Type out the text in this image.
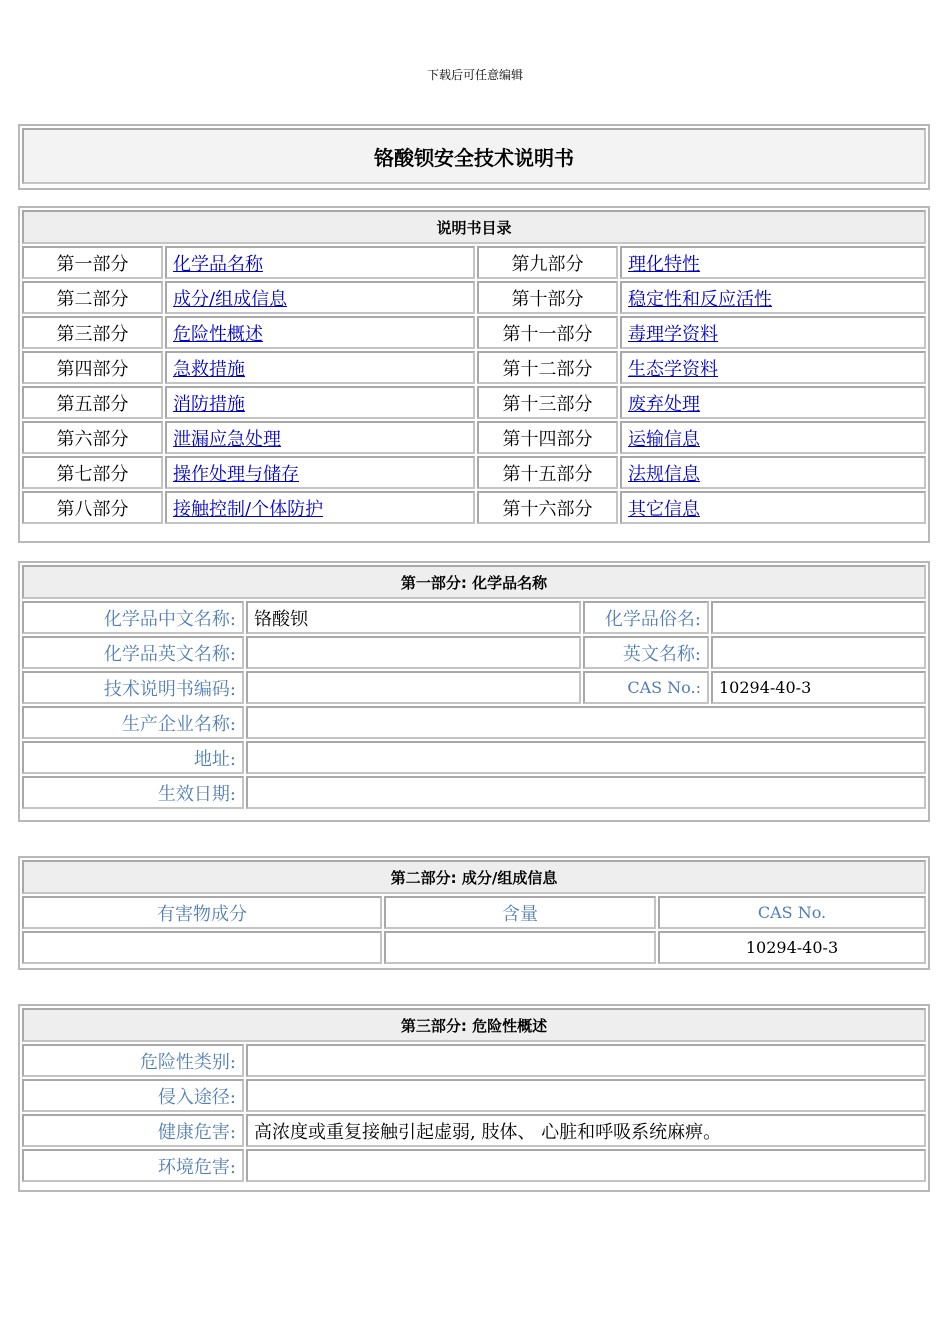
下载后可任意编辑
铬酸钡安全技术说明书
说明书目录			
第一部分	化学品名称	第九部分	理化特性
第二部分	成分/组成信息	第十部分	稳定性和反应活性
第三部分	危险性概述	第十一部分	毒理学资料
第四部分	急救措施	第十二部分	生态学资料
第五部分	消防措施	第十三部分	废弃处理
第六部分	泄漏应急处理	第十四部分	运输信息
第七部分	操作处理与储存	第十五部分	法规信息
第八部分	接触控制/个体防护	第十六部分	其它信息
第一部分: 化学品名称			
化学品中文名称:	铬酸钡	化学品俗名:	
化学品英文名称:		英文名称:	
技术说明书编码:		CAS No.:	10294-40-3
生产企业名称:			
地址:			
生效日期:			
第二部分: 成分/组成信息		
有害物成分	含量	CAS No.
		10294-40-3
第三部分: 危险性概述	
危险性类别:	
侵入途径:	
健康危害:	高浓度或重复接触引起虚弱, 肢体、 心脏和呼吸系统麻痹。
环境危害:	
